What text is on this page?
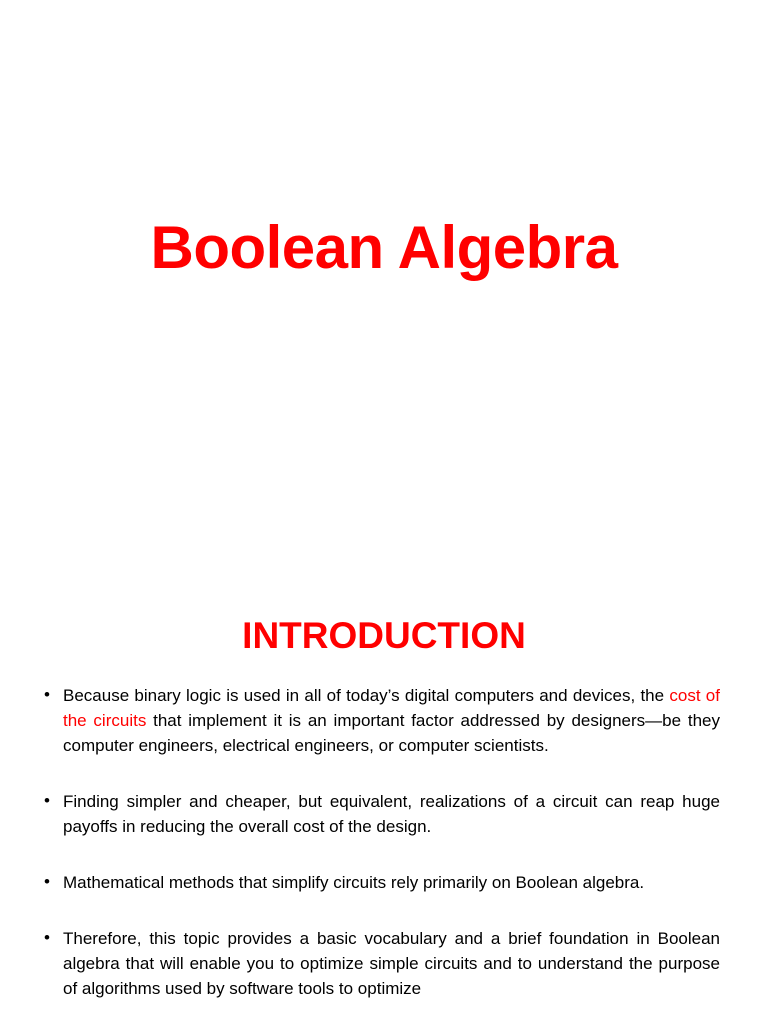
Boolean Algebra
INTRODUCTION
• Because binary logic is used in all of today’s digital computers and devices, the cost of the circuits that implement it is an important factor addressed by designers—be they computer engineers, electrical engineers, or computer scientists.
• Finding simpler and cheaper, but equivalent, realizations of a circuit can reap huge payoffs in reducing the overall cost of the design.
• Mathematical methods that simplify circuits rely primarily on Boolean algebra.
• Therefore, this topic provides a basic vocabulary and a brief foundation in Boolean algebra that will enable you to optimize simple circuits and to understand the purpose of algorithms used by software tools to optimize
